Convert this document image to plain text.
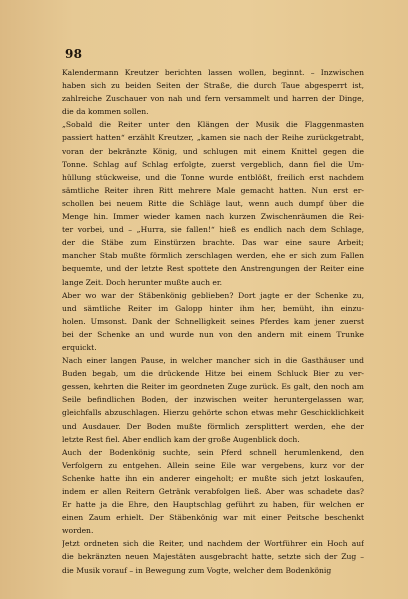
98

Kalendermann Kreutzer berichten lassen wollen, beginnt. – Inzwischen
haben sich zu beiden Seiten der Straße, die durch Taue abgesperrt ist,
zahlreiche Zuschauer von nah und fern versammelt und harren der Dinge,
die da kommen sollen.

„Sobald die Reiter unter den Klängen der Musik die Flaggenmasten
passiert hatten“ erzählt Kreutzer, „kamen sie nach der Reihe zurückgetrabt,
voran der bekränzte König, und schlugen mit einem Knittel gegen die
Tonne. Schlag auf Schlag erfolgte, zuerst vergeblich, dann fiel die Um-
hüllung stückweise, und die Tonne wurde entblößt, freilich erst nachdem
sämtliche Reiter ihren Ritt mehrere Male gemacht hatten. Nun erst er-
schollen bei neuem Ritte die Schläge laut, wenn auch dumpf über die
Menge hin. Immer wieder kamen nach kurzen Zwischenräumen die Rei-
ter vorbei, und – „Hurra, sie fallen!“ hieß es endlich nach dem Schlage,
der die Stäbe zum Einstürzen brachte. Das war eine saure Arbeit;
mancher Stab mußte förmlich zerschlagen werden, ehe er sich zum Fallen
bequemte, und der letzte Rest spottete den Anstrengungen der Reiter eine
lange Zeit. Doch herunter mußte auch er.

Aber wo war der Stäbenkönig geblieben? Dort jagte er der Schenke zu,
und sämtliche Reiter im Galopp hinter ihm her, bemüht, ihn einzu-
holen. Umsonst. Dank der Schnelligkeit seines Pferdes kam jener zuerst
bei der Schenke an und wurde nun von den andern mit einem Trunke
erquickt.

Nach einer langen Pause, in welcher mancher sich in die Gasthäuser und
Buden begab, um die drückende Hitze bei einem Schluck Bier zu ver-
gessen, kehrten die Reiter im geordneten Zuge zurück. Es galt, den noch am
Seile befindlichen Boden, der inzwischen weiter heruntergelassen war,
gleichfalls abzuschlagen. Hierzu gehörte schon etwas mehr Geschicklichkeit
und Ausdauer. Der Boden mußte förmlich zersplittert werden, ehe der
letzte Rest fiel. Aber endlich kam der große Augenblick doch.

Auch der Bodenkönig suchte, sein Pferd schnell herumlenkend, den
Verfolgern zu entgehen. Allein seine Eile war vergebens, kurz vor der
Schenke hatte ihn ein anderer eingeholt; er mußte sich jetzt loskaufen,
indem er allen Reitern Getränk verabfolgen ließ. Aber was schadete das?
Er hatte ja die Ehre, den Hauptschlag geführt zu haben, für welchen er
einen Zaum erhielt. Der Stäbenkönig war mit einer Peitsche beschenkt
worden.

Jetzt ordneten sich die Reiter, und nachdem der Wortführer ein Hoch auf
die bekränzten neuen Majestäten ausgebracht hatte, setzte sich der Zug –
die Musik vorauf – in Bewegung zum Vogte, welcher dem Bodenkönig
